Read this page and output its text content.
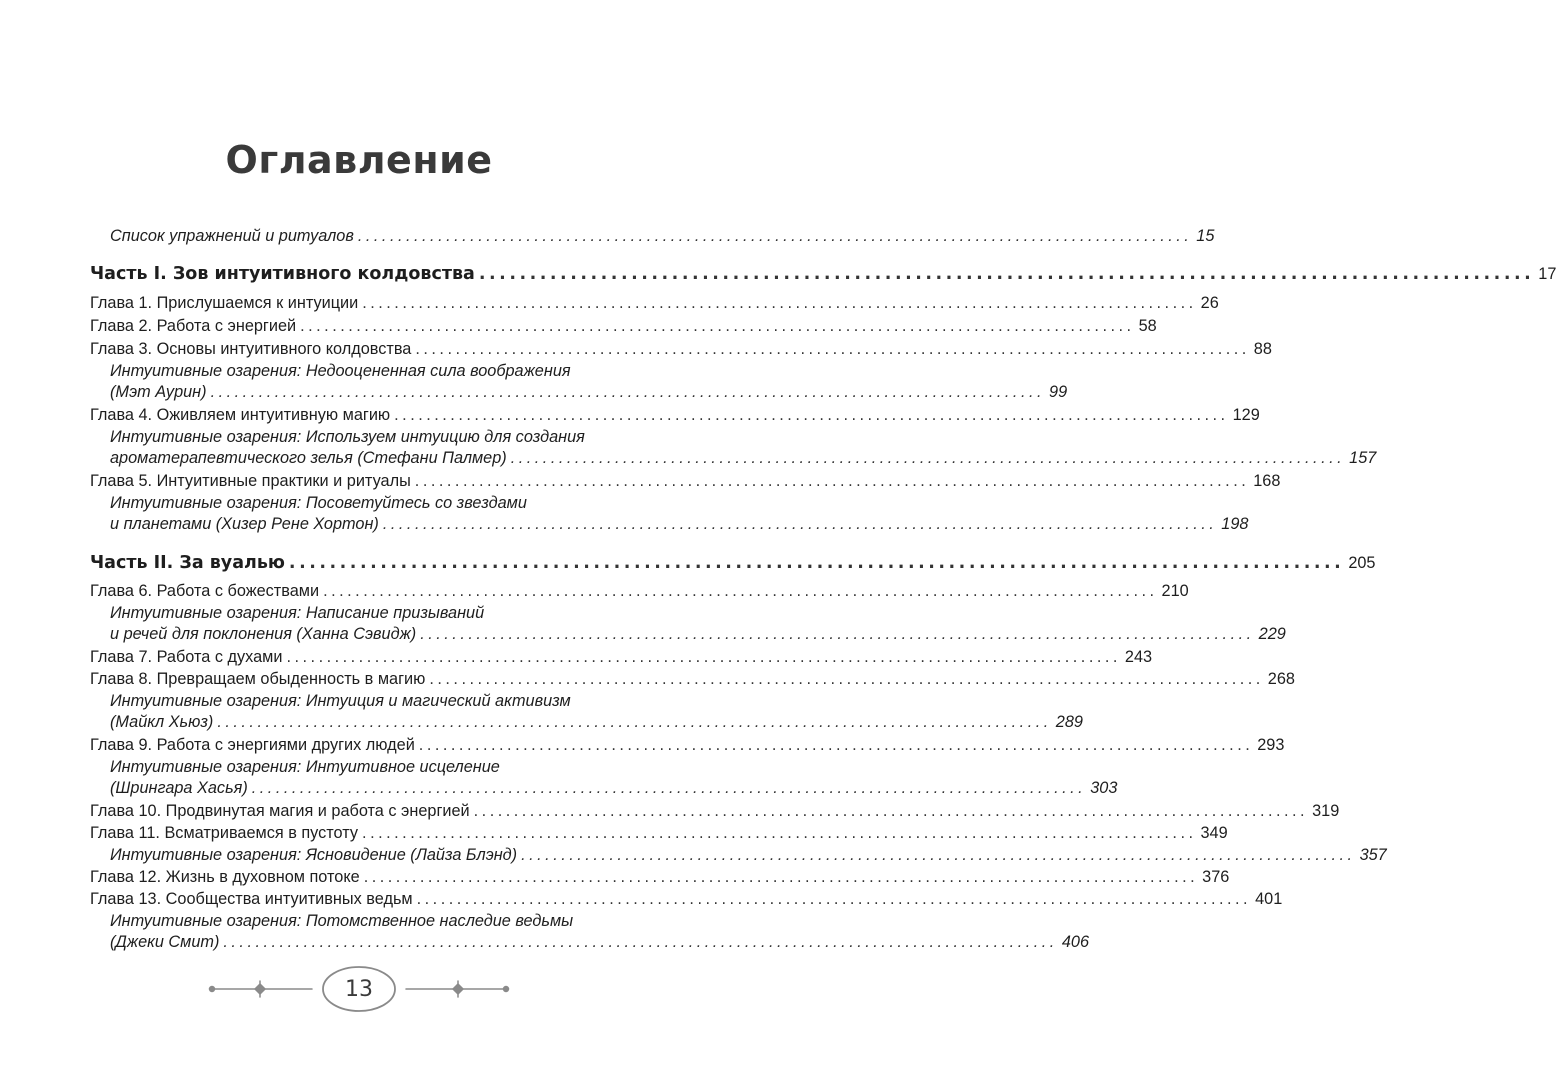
Оглавление
Список упражнений и ритуалов ........................................................................................................ 15
Часть I. Зов интуитивного колдовства ........................................................................................................ 17
Глава 1. Прислушаемся к интуиции ........................................................................................................ 26
Глава 2. Работа с энергией ........................................................................................................ 58
Глава 3. Основы интуитивного колдовства ........................................................................................................ 88
Интуитивные озарения: Недооцененная сила воображения
(Мэт Аурин) ........................................................................................................ 99
Глава 4. Оживляем интуитивную магию ........................................................................................................ 129
Интуитивные озарения: Используем интуицию для создания
ароматерапевтического зелья (Стефани Палмер) ........................................................................................................ 157
Глава 5. Интуитивные практики и ритуалы ........................................................................................................ 168
Интуитивные озарения: Посоветуйтесь со звездами
и планетами (Хизер Рене Хортон) ........................................................................................................ 198
Часть II. За вуалью ........................................................................................................ 205
Глава 6. Работа с божествами ........................................................................................................ 210
Интуитивные озарения: Написание призываний
и речей для поклонения (Ханна Сэвидж) ........................................................................................................ 229
Глава 7. Работа с духами ........................................................................................................ 243
Глава 8. Превращаем обыденность в магию ........................................................................................................ 268
Интуитивные озарения: Интуиция и магический активизм
(Майкл Хьюз) ........................................................................................................ 289
Глава 9. Работа с энергиями других людей ........................................................................................................ 293
Интуитивные озарения: Интуитивное исцеление
(Шрингара Хасья) ........................................................................................................ 303
Глава 10. Продвинутая магия и работа с энергией ........................................................................................................ 319
Глава 11. Всматриваемся в пустоту ........................................................................................................ 349
Интуитивные озарения: Ясновидение (Лайза Блэнд) ........................................................................................................ 357
Глава 12. Жизнь в духовном потоке ........................................................................................................ 376
Глава 13. Сообщества интуитивных ведьм ........................................................................................................ 401
Интуитивные озарения: Потомственное наследие ведьмы
(Джеки Смит) ........................................................................................................ 406
13
